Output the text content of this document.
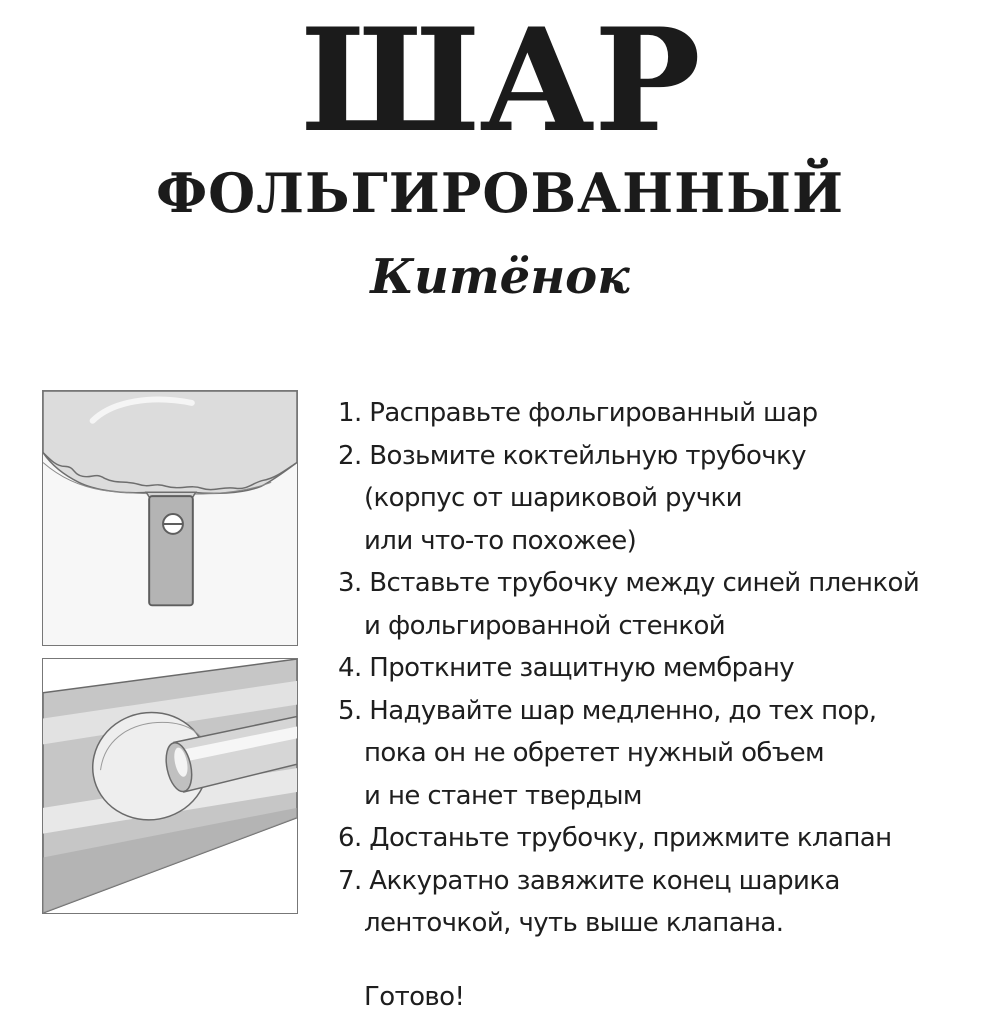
ШАР
ФОЛЬГИРОВАННЫЙ
Китёнок
1. Расправьте фольгированный шар
2. Возьмите коктейльную трубочку
(корпус от шариковой ручки
или что-то похожее)
3. Вставьте трубочку между синей пленкой
и фольгированной стенкой
4. Проткните защитную мембрану
5. Надувайте шар медленно, до тех пор,
пока он не обретет нужный объем
и не станет твердым
6. Достаньте трубочку, прижмите клапан
7. Аккуратно завяжите конец шарика
ленточкой, чуть выше клапана.
Готово!
